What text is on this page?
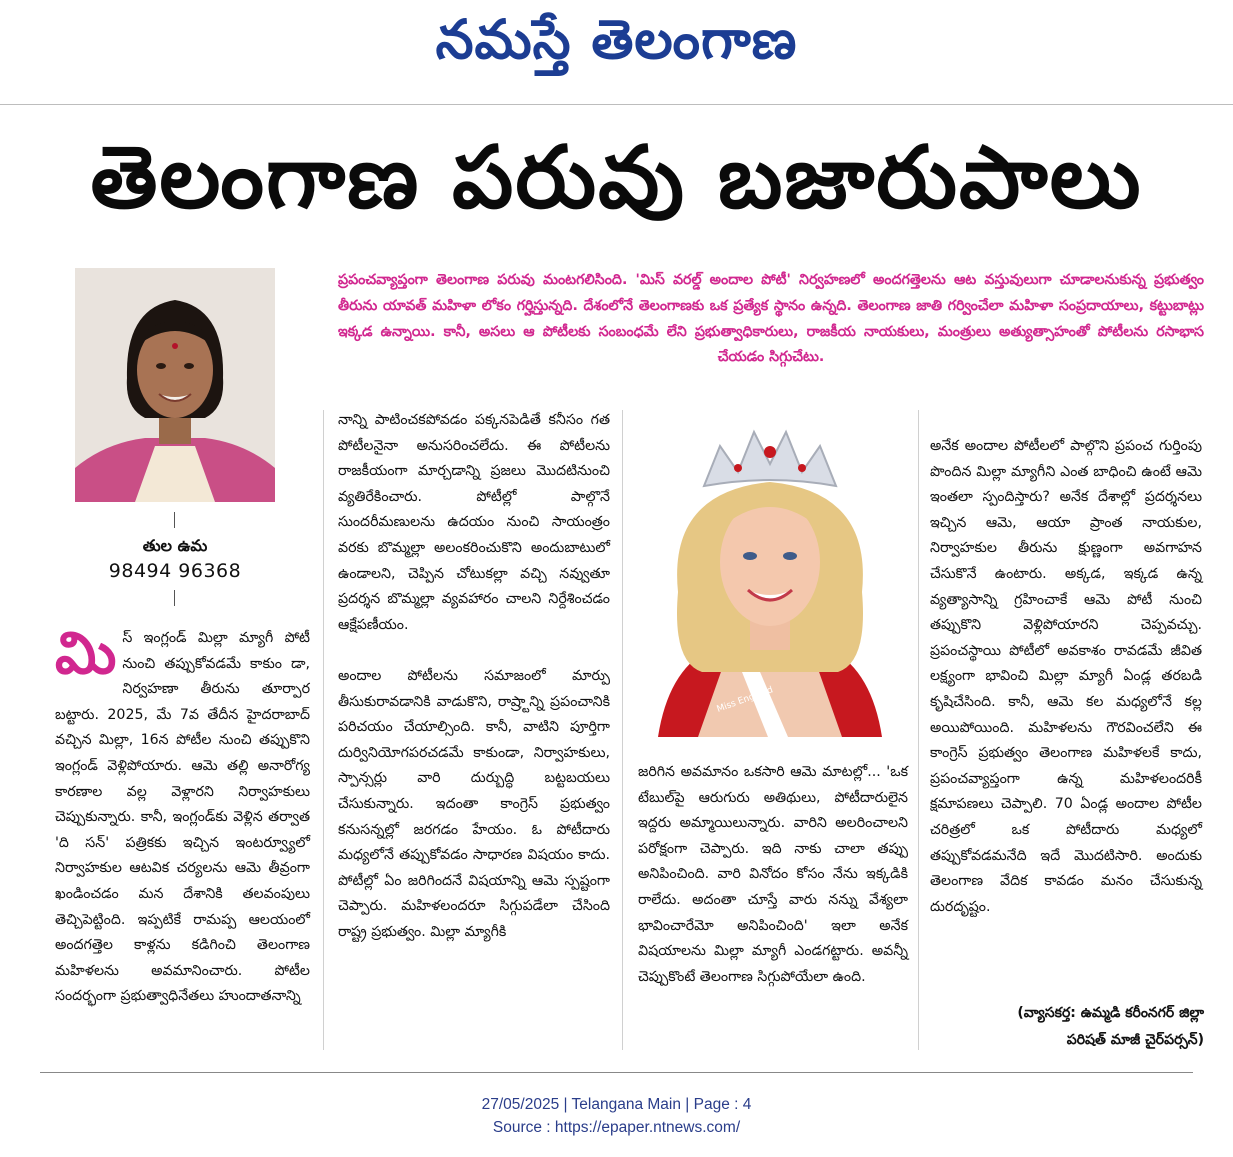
నమస్తే తెలంగాణ
తెలంగాణ పరువు బజారుపాలు
ప్రపంచవ్యాప్తంగా తెలంగాణ పరువు మంటగలిసింది. 'మిస్ వరల్డ్ అందాల పోటీ' నిర్వహణలో అందగత్తెలను ఆట వస్తువులుగా చూడాలనుకున్న ప్రభుత్వం తీరును యావత్ మహిళా లోకం గర్హిస్తున్నది. దేశంలోనే తెలంగాణకు ఒక ప్రత్యేక స్థానం ఉన్నది. తెలంగాణ జాతి గర్వించేలా మహిళా సంప్రదాయాలు, కట్టుబాట్లు ఇక్కడ ఉన్నాయి. కానీ, అసలు ఆ పోటీలకు సంబంధమే లేని ప్రభుత్వాధికారులు, రాజకీయ నాయకులు, మంత్రులు అత్యుత్సాహంతో పోటీలను రసాభాస చేయడం సిగ్గుచేటు.
తుల ఉమ
98494 96368
మి స్ ఇంగ్లండ్ మిల్లా మ్యాగీ పోటీ నుంచి తప్పుకోవడమే కాకుం డా, నిర్వహణా తీరును తూర్పార బట్టారు. 2025, మే 7వ తేదీన హైదరాబాద్ వచ్చిన మిల్లా, 16న పోటీల నుంచి తప్పుకొని ఇంగ్లండ్ వెళ్లిపోయారు. ఆమె తల్లి అనారోగ్య కారణాల వల్ల వెళ్లారని నిర్వాహకులు చెప్పుకున్నారు. కానీ, ఇంగ్లండ్‌కు వెళ్లిన తర్వాత 'ది సన్' పత్రికకు ఇచ్చిన ఇంటర్వ్యూలో నిర్వాహకుల ఆటవిక చర్యలను ఆమె తీవ్రంగా ఖండించడం మన దేశానికి తలవంపులు తెచ్చిపెట్టింది. ఇప్పటికే రామప్ప ఆలయంలో అందగత్తెల కాళ్లను కడిగించి తెలంగాణ మహిళలను అవమానించారు. పోటీల సందర్భంగా ప్రభుత్వాధినేతలు హుందాతనాన్ని

నాన్ని పాటించకపోవడం పక్కనపెడితే కనీసం గత పోటీలనైనా అనుసరించలేదు. ఈ పోటీలను రాజకీయంగా మార్చడాన్ని ప్రజలు మొదటినుంచి వ్యతిరేకించారు. పోటీల్లో పాల్గొనే సుందరీమణులను ఉదయం నుంచి సాయంత్రం వరకు బొమ్మల్లా అలంకరించుకొని అందుబాటులో ఉండాలని, చెప్పిన చోటుకల్లా వచ్చి నవ్వుతూ ప్రదర్శన బొమ్మల్లా వ్యవహారం చాలని నిర్దేశించడం ఆక్షేపణీయం.

అందాల పోటీలను సమాజంలో మార్పు తీసుకురావడానికి వాడుకొని, రాష్ర్టాన్ని ప్రపంచానికి పరిచయం చేయాల్సింది. కానీ, వాటిని పూర్తిగా దుర్వినియోగపరచడమే కాకుండా, నిర్వాహకులు, స్పాన్సర్లు వారి దుర్బుద్ధి బట్టబయలు చేసుకున్నారు. ఇదంతా కాంగ్రెస్ ప్రభుత్వం కనుసన్నల్లో జరగడం హేయం. ఓ పోటీదారు మధ్యలోనే తప్పుకోవడం సాధారణ విషయం కాదు. పోటీల్లో ఏం జరిగిందనే విషయాన్ని ఆమె స్పష్టంగా చెప్పారు. మహిళలందరూ సిగ్గుపడేలా చేసింది రాష్ట్ర ప్రభుత్వం. మిల్లా మ్యాగీకి

Miss England
జరిగిన అవమానం ఒకసారి ఆమె మాటల్లో... 'ఒక టేబుల్‌పై ఆరుగురు అతిథులు, పోటీదారులైన ఇద్దరు అమ్మాయిలున్నారు. వారిని అలరించాలని పరోక్షంగా చెప్పారు. ఇది నాకు చాలా తప్పు అనిపించింది. వారి వినోదం కోసం నేను ఇక్కడికి రాలేదు. అదంతా చూస్తే వారు నన్ను వేశ్యలా భావించారేమో అనిపించింది' ఇలా అనేక విషయాలను మిల్లా మ్యాగీ ఎండగట్టారు. అవన్నీ చెప్పుకొంటే తెలంగాణ సిగ్గుపోయేలా ఉంది.
అనేక అందాల పోటీలలో పాల్గొని ప్రపంచ గుర్తింపు పొందిన మిల్లా మ్యాగీని ఎంత బాధించి ఉంటే ఆమె ఇంతలా స్పందిస్తారు? అనేక దేశాల్లో ప్రదర్శనలు ఇచ్చిన ఆమె, ఆయా ప్రాంత నాయకుల, నిర్వాహకుల తీరును క్షుణ్ణంగా అవగాహన చేసుకొనే ఉంటారు. అక్కడ, ఇక్కడ ఉన్న వ్యత్యాసాన్ని గ్రహించాకే ఆమె పోటీ నుంచి తప్పుకొని వెళ్లిపోయారని చెప్పవచ్చు. ప్రపంచస్థాయి పోటీలో అవకాశం రావడమే జీవిత లక్ష్యంగా భావించి మిల్లా మ్యాగీ ఏండ్ల తరబడి కృషిచేసింది. కానీ, ఆమె కల మధ్యలోనే కల్ల అయిపోయింది. మహిళలను గౌరవించలేని ఈ కాంగ్రెస్ ప్రభుత్వం తెలంగాణ మహిళలకే కాదు, ప్రపంచవ్యాప్తంగా ఉన్న మహిళలందరికీ క్షమాపణలు చెప్పాలి. 70 ఏండ్ల అందాల పోటీల చరిత్రలో ఒక పోటీదారు మధ్యలో తప్పుకోవడమనేది ఇదే మొదటిసారి. అందుకు తెలంగాణ వేదిక కావడం మనం చేసుకున్న దురదృష్టం.
(వ్యాసకర్త: ఉమ్మడి కరీంనగర్ జిల్లా
పరిషత్ మాజీ చైర్‌పర్సన్)
27/05/2025 | Telangana Main | Page : 4
Source : https://epaper.ntnews.com/
